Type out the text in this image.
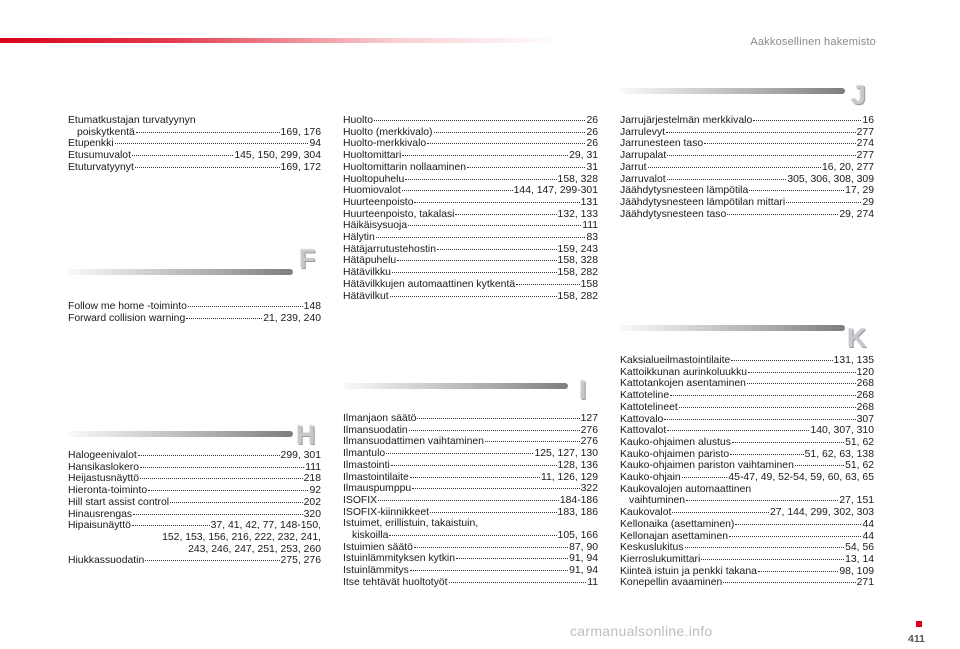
Aakkosellinen hakemisto
Etumatkustajan turvatyynyn
poiskytkentä	169, 176
Etupenkki	94
Etusumuvalot	145, 150, 299, 304
Etuturvatyynyt	169, 172
F
Follow me home -toiminto	148
Forward collision warning	21, 239, 240
H
Halogeenivalot	299, 301
Hansikaslokero	111
Heijastusnäyttö	218
Hieronta-toiminto	92
Hill start assist control	202
Hinausrengas	320
Hipaisunäyttö	37, 41, 42, 77, 148-150,
152, 153, 156, 216, 222, 232, 241,
243, 246, 247, 251, 253, 260
Hiukkassuodatin	275, 276
Huolto	26
Huolto (merkkivalo)	26
Huolto-merkkivalo	26
Huoltomittari	29, 31
Huoltomittarin nollaaminen	31
Huoltopuhelu	158, 328
Huomiovalot	144, 147, 299-301
Huurteenpoisto	131
Huurteenpoisto, takalasi	132, 133
Häikäisysuoja	111
Hälytin	83
Hätäjarrutustehostin	159, 243
Hätäpuhelu	158, 328
Hätävilkku	158, 282
Hätävilkkujen automaattinen kytkentä	158
Hätävilkut	158, 282
I
Ilmanjaon säätö	127
Ilmansuodatin	276
Ilmansuodattimen vaihtaminen	276
Ilmantulo	125, 127, 130
Ilmastointi	128, 136
Ilmastointilaite	11, 126, 129
Ilmauspumppu	322
ISOFIX	184-186
ISOFIX-kiinnikkeet	183, 186
Istuimet, erillistuin, takaistuin,
kiskoilla	105, 166
Istuimien säätö	87, 90
Istuinlämmityksen kytkin	91, 94
Istuinlämmitys	91, 94
Itse tehtävät huoltotyöt	11
J
Jarrujärjestelmän merkkivalo	16
Jarrulevyt	277
Jarrunesteen taso	274
Jarrupalat	277
Jarrut	16, 20, 277
Jarruvalot	305, 306, 308, 309
Jäähdytysnesteen lämpötila	17, 29
Jäähdytysnesteen lämpötilan mittari	29
Jäähdytysnesteen taso	29, 274
K
Kaksialueilmastointilaite	131, 135
Kattoikkunan aurinkoluukku	120
Kattotankojen asentaminen	268
Kattoteline	268
Kattotelineet	268
Kattovalo	307
Kattovalot	140, 307, 310
Kauko-ohjaimen alustus	51, 62
Kauko-ohjaimen paristo	51, 62, 63, 138
Kauko-ohjaimen pariston vaihtaminen	51, 62
Kauko-ohjain	45-47, 49, 52-54, 59, 60, 63, 65
Kaukovalojen automaattinen
vaihtuminen	27, 151
Kaukovalot	27, 144, 299, 302, 303
Kellonaika (asettaminen)	44
Kellonajan asettaminen	44
Keskuslukitus	54, 56
Kierroslukumittari	13, 14
Kiinteä istuin ja penkki takana	98, 109
Konepellin avaaminen	271
411
carmanualsonline.info
